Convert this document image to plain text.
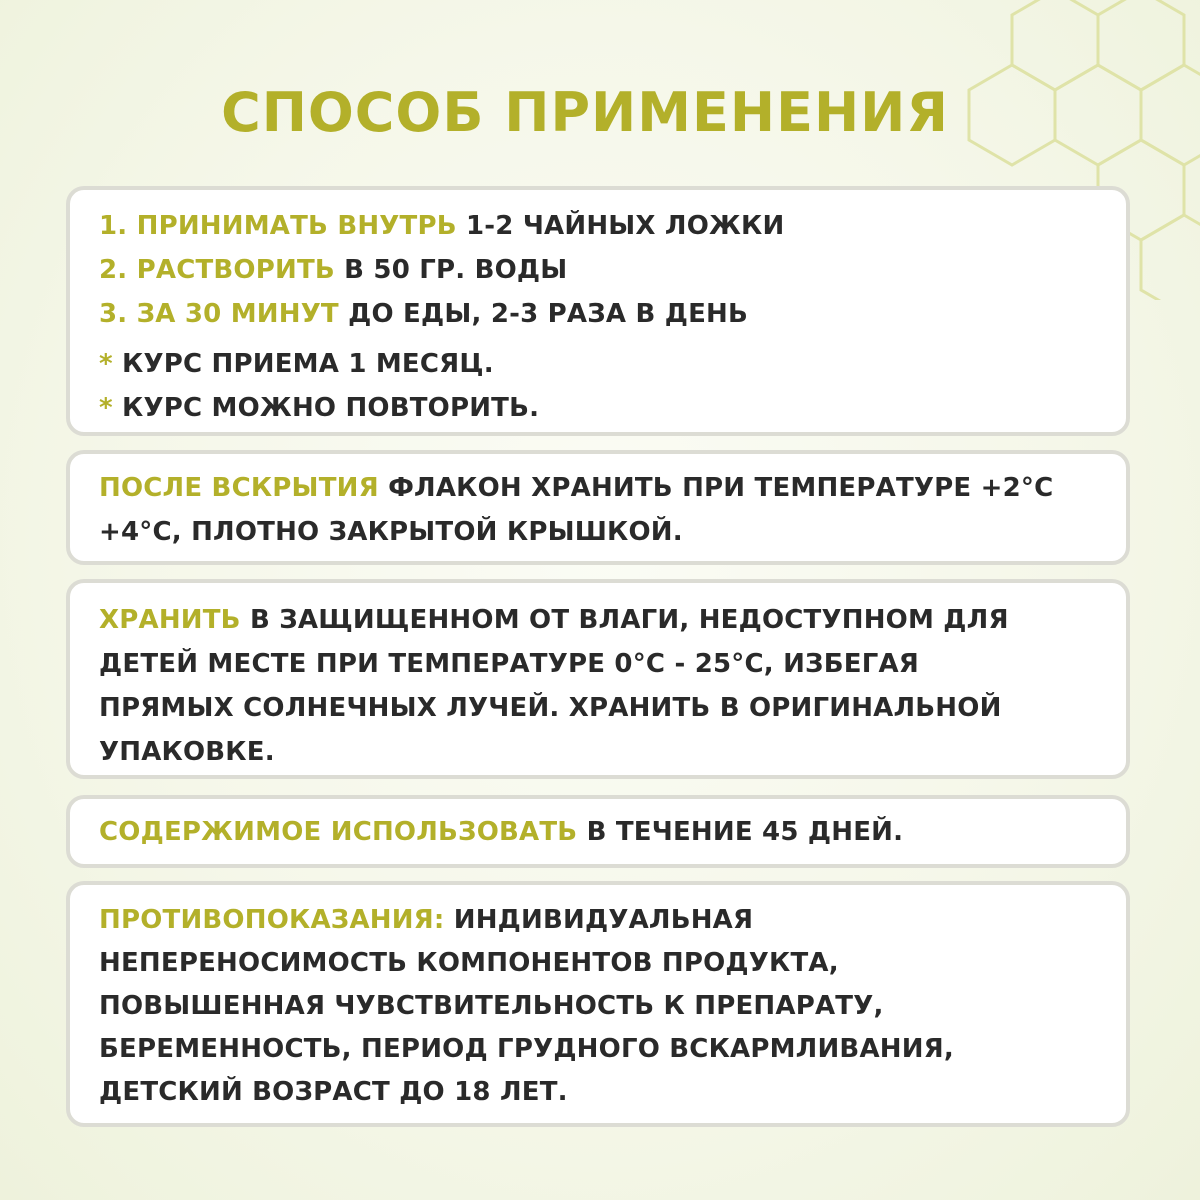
СПОСОБ ПРИМЕНЕНИЯ
1. ПРИНИМАТЬ ВНУТРЬ 1-2 ЧАЙНЫХ ЛОЖКИ
2. РАСТВОРИТЬ В 50 ГР. ВОДЫ
3. ЗА 30 МИНУТ ДО ЕДЫ, 2-3 РАЗА В ДЕНЬ
* КУРС ПРИЕМА 1 МЕСЯЦ.
* КУРС МОЖНО ПОВТОРИТЬ.
ПОСЛЕ ВСКРЫТИЯ ФЛАКОН ХРАНИТЬ ПРИ ТЕМПЕРАТУРЕ +2°С
+4°С, ПЛОТНО ЗАКРЫТОЙ КРЫШКОЙ.
ХРАНИТЬ В ЗАЩИЩЕННОМ ОТ ВЛАГИ, НЕДОСТУПНОМ ДЛЯ
ДЕТЕЙ МЕСТЕ ПРИ ТЕМПЕРАТУРЕ 0°С - 25°С, ИЗБЕГАЯ
ПРЯМЫХ СОЛНЕЧНЫХ ЛУЧЕЙ. ХРАНИТЬ В ОРИГИНАЛЬНОЙ
УПАКОВКЕ.
СОДЕРЖИМОЕ ИСПОЛЬЗОВАТЬ В ТЕЧЕНИЕ 45 ДНЕЙ.
ПРОТИВОПОКАЗАНИЯ: ИНДИВИДУАЛЬНАЯ
НЕПЕРЕНОСИМОСТЬ КОМПОНЕНТОВ ПРОДУКТА,
ПОВЫШЕННАЯ ЧУВСТВИТЕЛЬНОСТЬ К ПРЕПАРАТУ,
БЕРЕМЕННОСТЬ, ПЕРИОД ГРУДНОГО ВСКАРМЛИВАНИЯ,
ДЕТСКИЙ ВОЗРАСТ ДО 18 ЛЕТ.
